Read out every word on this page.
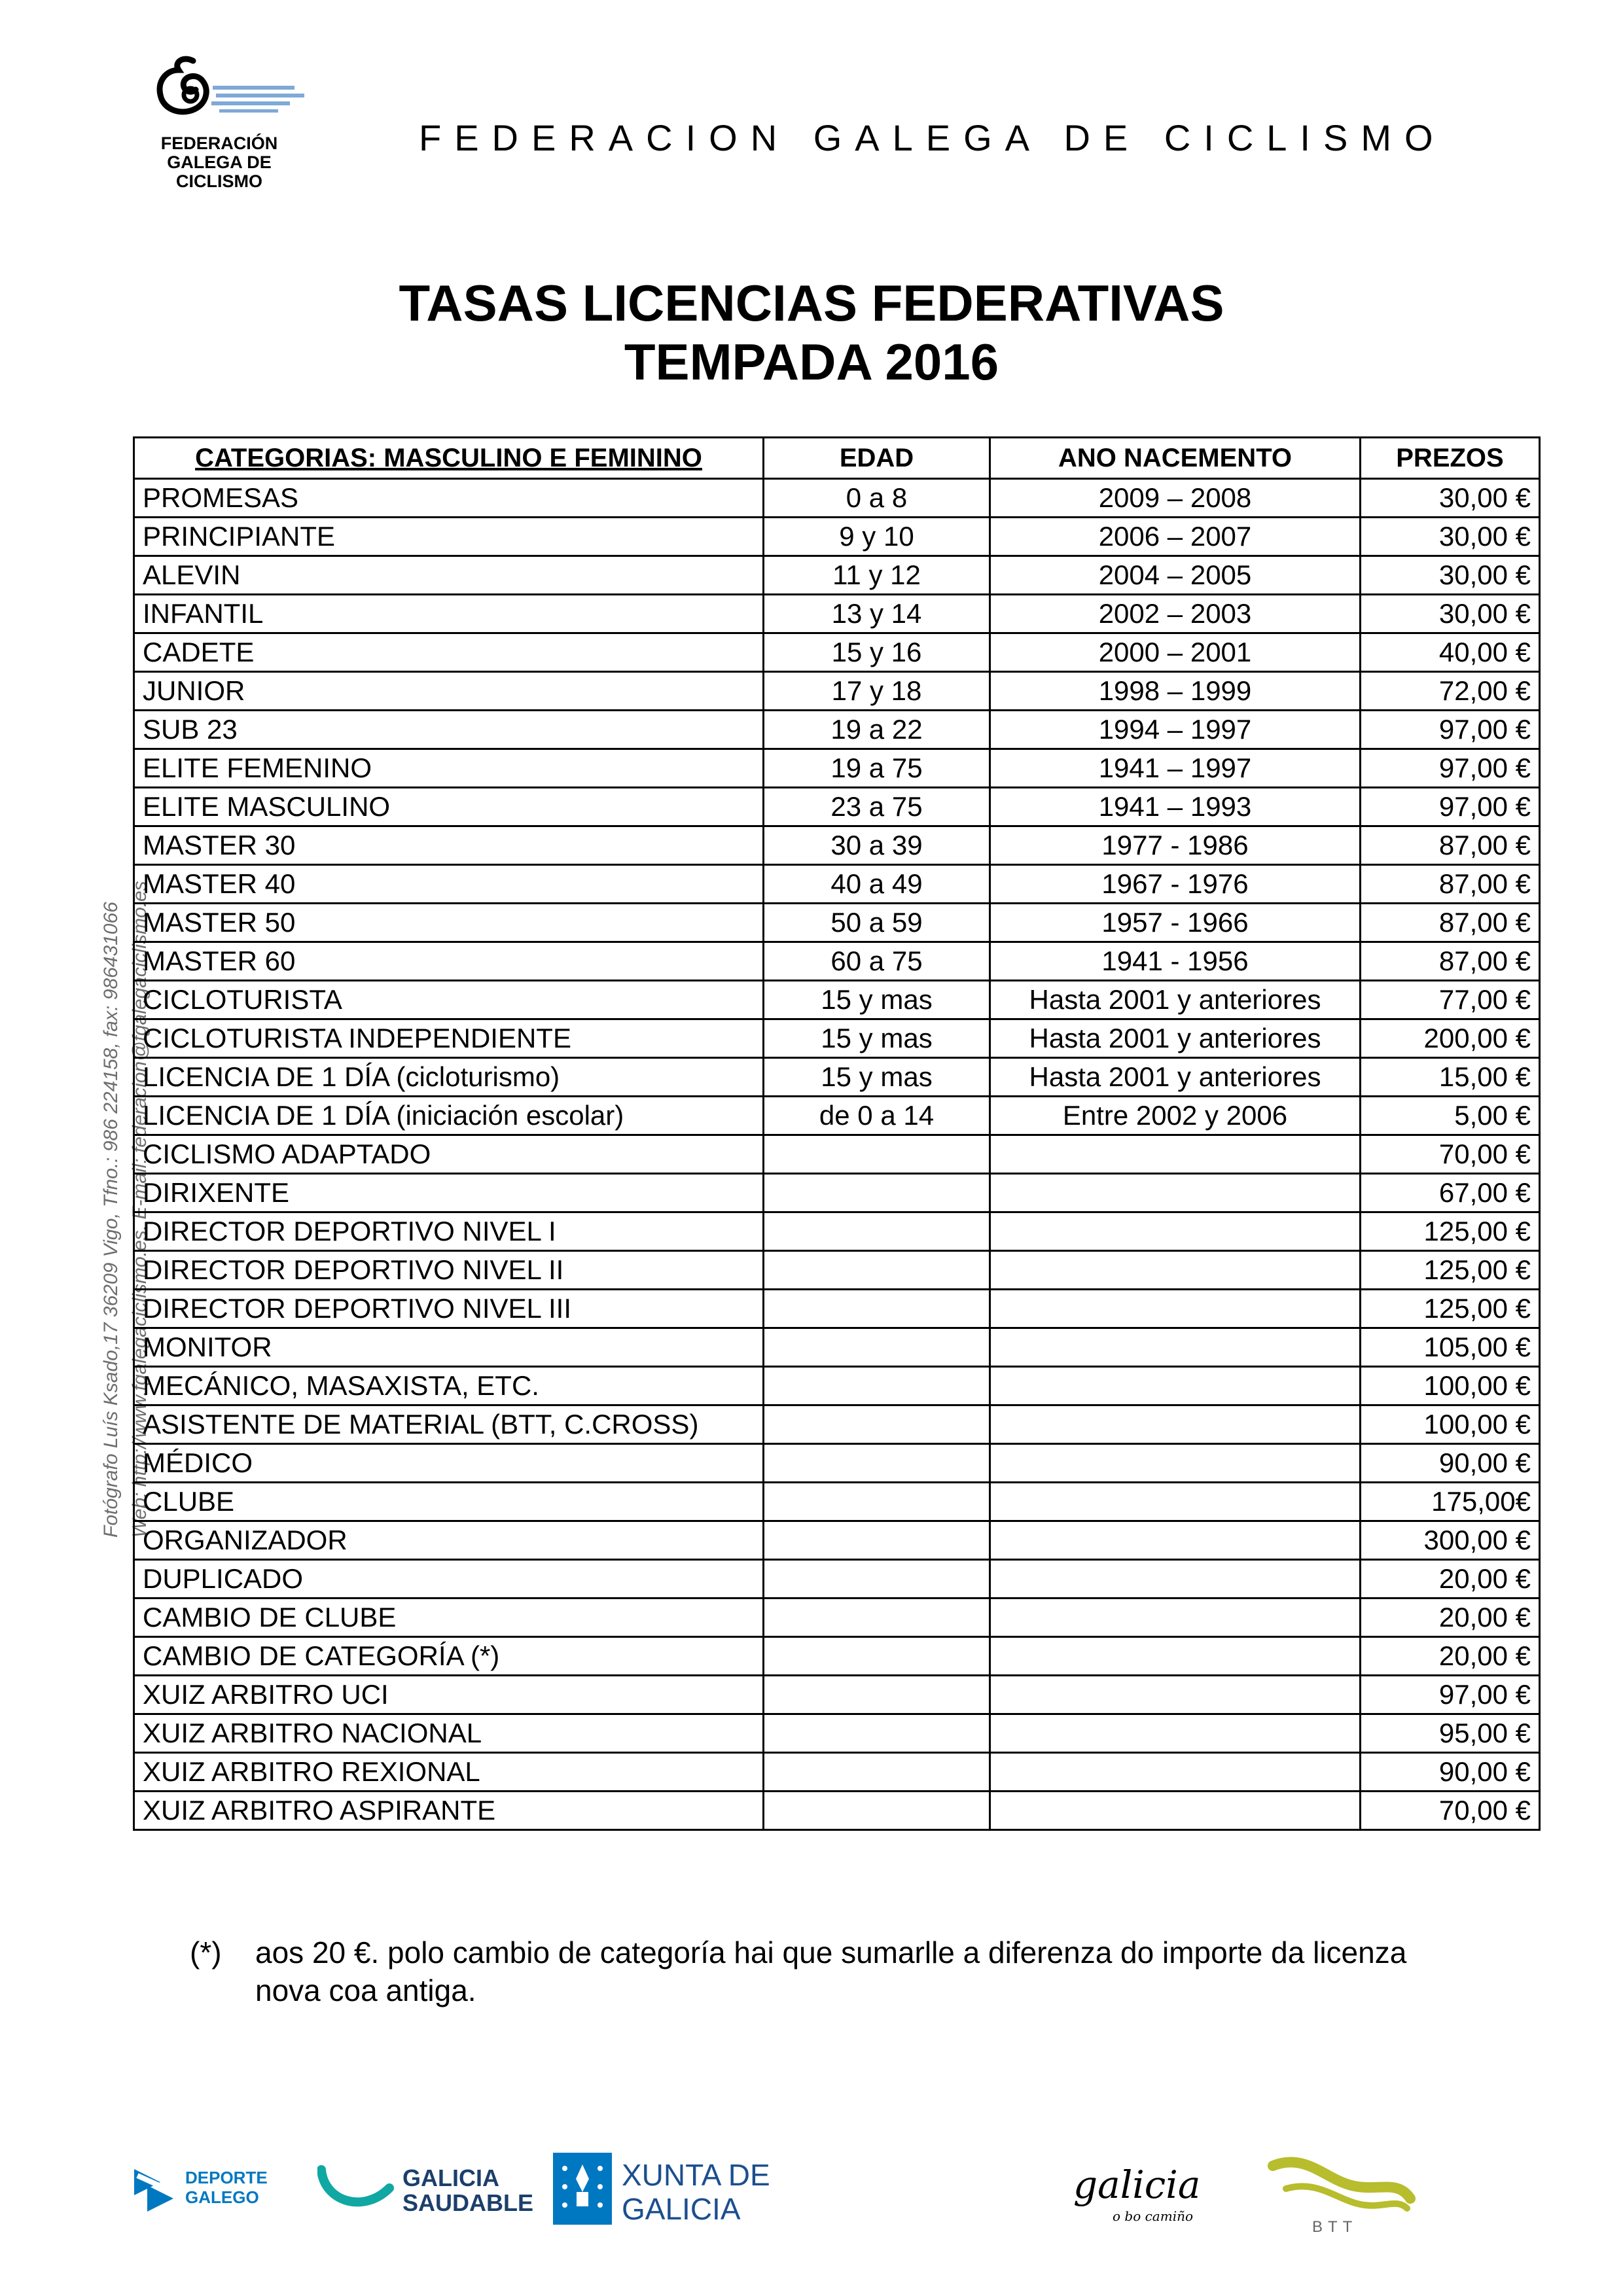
FEDERACIÓN GALEGA DE CICLISMO
FEDERACION GALEGA DE CICLISMO
Fotógrafo Luís Ksado,17 36209 Vigo, Tfno.: 986 224158, fax: 986431066 Web: http://www.fgalegaciclismo.es. E-mail: federacion@fgalegaciclismo.es
TASAS LICENCIAS FEDERATIVAS
TEMPADA 2016
CATEGORIAS: MASCULINO E FEMININO	EDAD	ANO NACEMENTO	PREZOS
PROMESAS	0 a 8	2009 – 2008	30,00 €
PRINCIPIANTE	9 y 10	2006 – 2007	30,00 €
ALEVIN	11 y 12	2004 – 2005	30,00 €
INFANTIL	13 y 14	2002 – 2003	30,00 €
CADETE	15 y 16	2000 – 2001	40,00 €
JUNIOR	17 y 18	1998 – 1999	72,00 €
SUB 23	19 a 22	1994 – 1997	97,00 €
ELITE FEMENINO	19 a 75	1941 – 1997	97,00 €
ELITE MASCULINO	23 a 75	1941 – 1993	97,00 €
MASTER 30	30 a 39	1977 - 1986	87,00 €
MASTER 40	40 a 49	1967 - 1976	87,00 €
MASTER 50	50 a 59	1957 - 1966	87,00 €
MASTER 60	60 a 75	1941 - 1956	87,00 €
CICLOTURISTA	15 y mas	Hasta 2001 y anteriores	77,00 €
CICLOTURISTA INDEPENDIENTE	15 y mas	Hasta 2001 y anteriores	200,00 €
LICENCIA DE 1 DÍA (cicloturismo)	15 y mas	Hasta 2001 y anteriores	15,00 €
LICENCIA DE 1 DÍA (iniciación escolar)	de 0 a 14	Entre 2002 y 2006	5,00 €
CICLISMO ADAPTADO			70,00 €
DIRIXENTE			67,00 €
DIRECTOR DEPORTIVO NIVEL I			125,00 €
DIRECTOR DEPORTIVO NIVEL II			125,00 €
DIRECTOR DEPORTIVO NIVEL III			125,00 €
MONITOR			105,00 €
MECÁNICO, MASAXISTA, ETC.			100,00 €
ASISTENTE DE MATERIAL (BTT, C.CROSS)			100,00 €
MÉDICO			90,00 €
CLUBE			175,00€
ORGANIZADOR			300,00 €
DUPLICADO			20,00 €
CAMBIO DE CLUBE			20,00 €
CAMBIO DE CATEGORÍA (*)			20,00 €
XUIZ ARBITRO UCI			97,00 €
XUIZ ARBITRO NACIONAL			95,00 €
XUIZ ARBITRO REXIONAL			90,00 €
XUIZ ARBITRO ASPIRANTE			70,00 €
(*) aos 20 €. polo cambio de categoría hai que sumarlle a diferenza do importe da licenza nova coa antiga.
DEPORTE GALEGO
GALICIA SAUDABLE
XUNTA DE GALICIA
galicia
o bo camiño
BTT
